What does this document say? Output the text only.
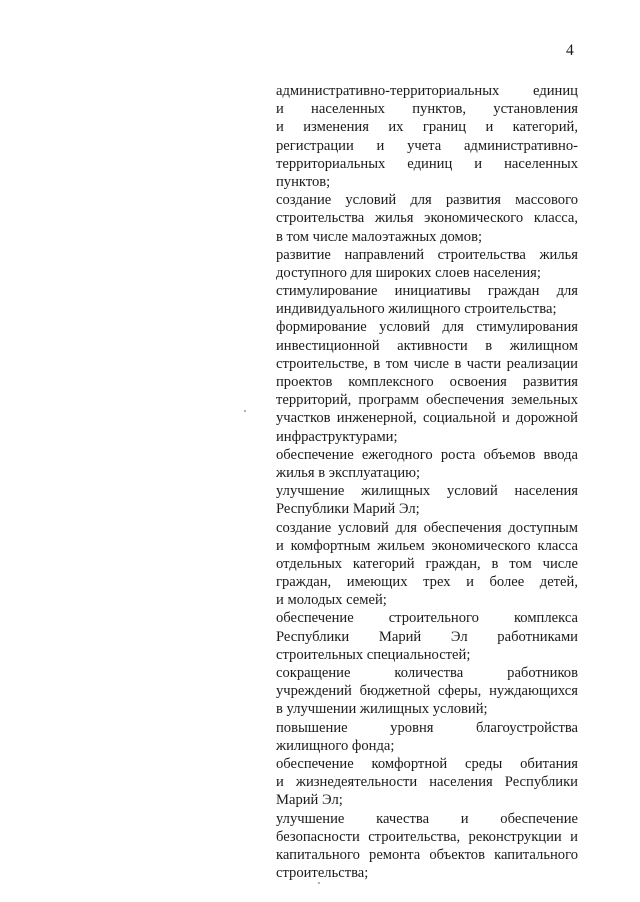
4
административно-территориальных единиц
и населенных пунктов, установления
и изменения их границ и категорий,
регистрации и учета административно-
территориальных единиц и населенных
пунктов;
создание условий для развития массового
строительства жилья экономического класса,
в том числе малоэтажных домов;
развитие направлений строительства жилья
доступного для широких слоев населения;
стимулирование инициативы граждан для
индивидуального жилищного строительства;
формирование условий для стимулирования
инвестиционной активности в жилищном
строительстве, в том числе в части реализации
проектов комплексного освоения развития
территорий, программ обеспечения земельных
участков инженерной, социальной и дорожной
инфраструктурами;
обеспечение ежегодного роста объемов ввода
жилья в эксплуатацию;
улучшение жилищных условий населения
Республики Марий Эл;
создание условий для обеспечения доступным
и комфортным жильем экономического класса
отдельных категорий граждан, в том числе
граждан, имеющих трех и более детей,
и молодых семей;
обеспечение строительного комплекса
Республики Марий Эл работниками
строительных специальностей;
сокращение количества работников
учреждений бюджетной сферы, нуждающихся
в улучшении жилищных условий;
повышение уровня благоустройства
жилищного фонда;
обеспечение комфортной среды обитания
и жизнедеятельности населения Республики
Марий Эл;
улучшение качества и обеспечение
безопасности строительства, реконструкции и
капитального ремонта объектов капитального
строительства;
